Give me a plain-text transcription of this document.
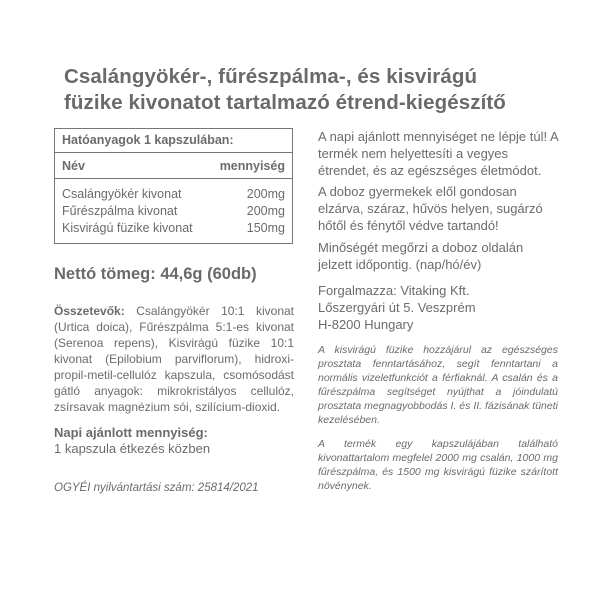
Csalángyökér-, fűrészpálma-, és kisvirágú
füzike kivonatot tartalmazó étrend-kiegészítő
Hatóanyagok 1 kapszulában:
Név	mennyiség
Csalángyökér kivonat	200mg
Fűrészpálma kivonat	200mg
Kisvirágú füzike kivonat	150mg
Nettó tömeg: 44,6g (60db)
Összetevők: Csalángyökér 10:1 kivonat (Urtica doica), Fűrészpálma 5:1-es kivonat (Serenoa repens), Kisvirágú füzike 10:1 kivonat (Epilobium parviflorum), hidroxi-propil-metil-cellulóz kapszula, csomósodást gátló anyagok: mikrokristályos cellulóz, zsírsavak magnézium sói, szilícium-dioxid.
Napi ajánlott mennyiség:
1 kapszula étkezés közben
OGYÉI nyilvántartási szám: 25814/2021
A napi ajánlott mennyiséget ne lépje túl! A termék nem helyettesíti a vegyes étrendet, és az egészséges életmódot.
A doboz gyermekek elől gondosan elzárva, száraz, hűvös helyen, sugárzó hőtől és fénytől védve tartandó!
Minőségét megőrzi a doboz oldalán jelzett időpontig. (nap/hó/év)
Forgalmazza: Vitaking Kft.
Lőszergyári út 5. Veszprém
H-8200 Hungary
A kisvirágú füzike hozzájárul az egészséges prosztata fenntartásához, segít fenntartani a normális vizeletfunkciót a férfiaknál. A csalán és a fűrészpálma segítséget nyújthat a jóindulatú prosztata megnagyobbodás I. és II. fázisának tüneti kezelésében.
A termék egy kapszulájában található kivonattartalom megfelel 2000 mg csalán, 1000 mg fűrészpálma, és 1500 mg kisvirágú füzike szárított növénynek.
